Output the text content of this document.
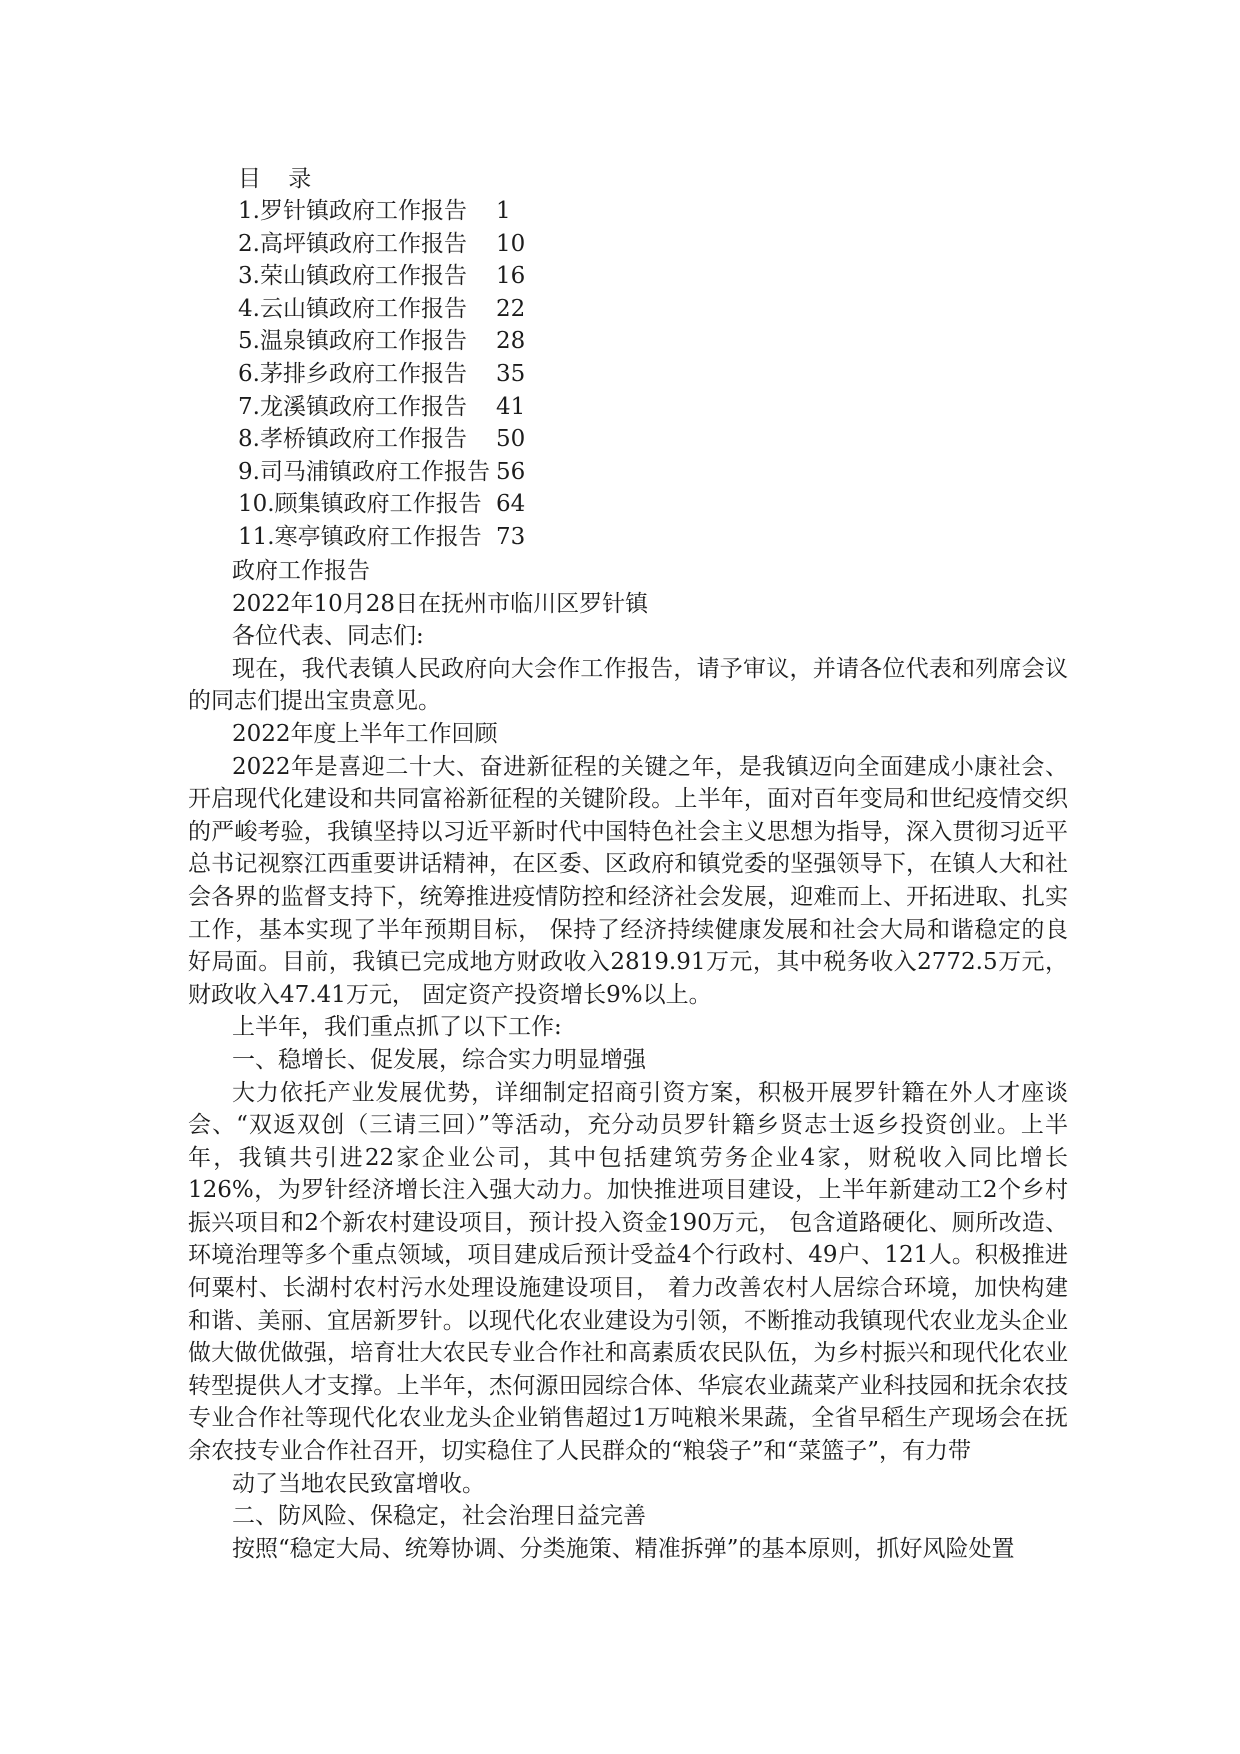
目 录
1.罗针镇政府工作报告 1
2.高坪镇政府工作报告 10
3.荣山镇政府工作报告 16
4.云山镇政府工作报告 22
5.温泉镇政府工作报告 28
6.茅排乡政府工作报告 35
7.龙溪镇政府工作报告 41
8.孝桥镇政府工作报告 50
9.司马浦镇政府工作报告 56
10.顾集镇政府工作报告 64
11.寒亭镇政府工作报告 73
政府工作报告
2022年10月28日在抚州市临川区罗针镇
各位代表、同志们:

现在，我代表镇人民政府向大会作工作报告，请予审议，并请各位代表和列席会议的同志们提出宝贵意见。

2022年度上半年工作回顾

2022年是喜迎二十大、奋进新征程的关键之年，是我镇迈向全面建成小康社会、开启现代化建设和共同富裕新征程的关键阶段。上半年，面对百年变局和世纪疫情交织的严峻考验，我镇坚持以习近平新时代中国特色社会主义思想为指导，深入贯彻习近平总书记视察江西重要讲话精神，在区委、区政府和镇党委的坚强领导下，在镇人大和社会各界的监督支持下，统筹推进疫情防控和经济社会发展，迎难而上、开拓进取、扎实工作，基本实现了半年预期目标， 保持了经济持续健康发展和社会大局和谐稳定的良好局面。目前，我镇已完成地方财政收入2819.91万元，其中税务收入2772.5万元，财政收入47.41万元， 固定资产投资增长9%以上。

上半年，我们重点抓了以下工作:
一、稳增长、促发展，综合实力明显增强

大力依托产业发展优势，详细制定招商引资方案，积极开展罗针籍在外人才座谈会、“双返双创（三请三回）”等活动，充分动员罗针籍乡贤志士返乡投资创业。上半年，我镇共引进22家企业公司，其中包括建筑劳务企业4家，财税收入同比增长126%，为罗针经济增长注入强大动力。加快推进项目建设，上半年新建动工2个乡村振兴项目和2个新农村建设项目，预计投入资金190万元， 包含道路硬化、厕所改造、环境治理等多个重点领域，项目建成后预计受益4个行政村、49户、121人。积极推进何粟村、长湖村农村污水处理设施建设项目， 着力改善农村人居综合环境，加快构建和谐、美丽、宜居新罗针。以现代化农业建设为引领，不断推动我镇现代农业龙头企业做大做优做强，培育壮大农民专业合作社和高素质农民队伍，为乡村振兴和现代化农业转型提供人才支撑。上半年，杰何源田园综合体、华宸农业蔬菜产业科技园和抚余农技专业合作社等现代化农业龙头企业销售超过1万吨粮米果蔬，全省早稻生产现场会在抚余农技专业合作社召开，切实稳住了人民群众的“粮袋子”和“菜篮子”，有力带

动了当地农民致富增收。
二、防风险、保稳定，社会治理日益完善
按照“稳定大局、统筹协调、分类施策、精准拆弹”的基本原则，抓好风险处置
